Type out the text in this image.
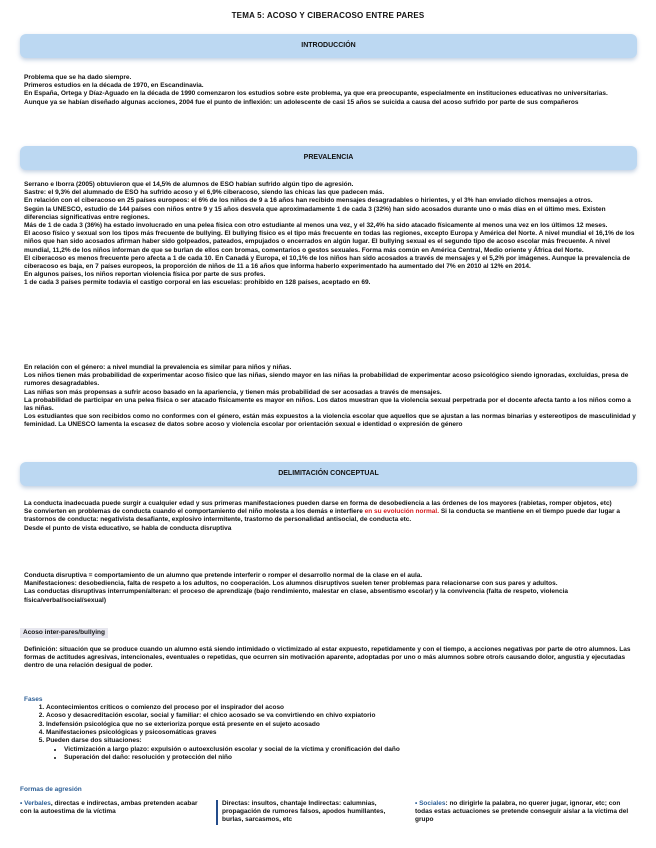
TEMA 5: ACOSO Y CIBERACOSO ENTRE PARES
INTRODUCCIÓN

Problema que se ha dado siempre.

Primeros estudios en la década de 1970, en Escandinavia.

En España, Ortega y Díaz-Aguado en la década de 1990 comenzaron los estudios sobre este problema, ya que era preocupante, especialmente en instituciones educativas no universitarias.

Aunque ya se habían diseñado algunas acciones, 2004 fue el punto de inflexión: un adolescente de casi 15 años se suicida a causa del acoso sufrido por parte de sus compañeros

PREVALENCIA

Serrano e Iborra (2005) obtuvieron que el 14,5% de alumnos de ESO habían sufrido algún tipo de agresión.

Sastre: el 9,3% del alumnado de ESO ha sufrido acoso y el 6,9% ciberacoso, siendo las chicas las que padecen más.

En relación con el ciberacoso en 25 países europeos: el 6% de los niños de 9 a 16 años han recibido mensajes desagradables o hirientes, y el 3% han enviado dichos mensajes a otros.

Según la UNESCO, estudio de 144 países con niños entre 9 y 15 años desvela que aproximadamente 1 de cada 3 (32%) han sido acosados durante uno o más días en el último mes. Existen diferencias significativas entre regiones.

Más de 1 de cada 3 (36%) ha estado involucrado en una pelea física con otro estudiante al menos una vez, y el 32,4% ha sido atacado físicamente al menos una vez en los últimos 12 meses.

El acoso físico y sexual son los tipos más frecuente de bullying. El bullying físico es el tipo más frecuente en todas las regiones, excepto Europa y América del Norte. A nivel mundial el 16,1% de los niños que han sido acosados afirman haber sido golpeados, pateados, empujados o encerrados en algún lugar. El bullying sexual es el segundo tipo de acoso escolar más frecuente. A nivel mundial, 11,2% de los niños informan de que se burlan de ellos con bromas, comentarios o gestos sexuales. Forma más común en América Central, Medio oriente y África del Norte.

El ciberacoso es menos frecuente pero afecta a 1 de cada 10. En Canadá y Europa, el 10,1% de los niños han sido acosados a través de mensajes y el 5,2% por imágenes. Aunque la prevalencia de ciberacoso es baja, en 7 países europeos, la proporción de niños de 11 a 16 años que informa haberlo experimentado ha aumentado del 7% en 2010 al 12% en 2014.

En algunos países, los niños reportan violencia física por parte de sus profes.

1 de cada 3 países permite todavía el castigo corporal en las escuelas: prohibido en 128 países, aceptado en 69.

En relación con el género: a nivel mundial la prevalencia es similar para niños y niñas.

Los niños tienen más probabilidad de experimentar acoso físico que las niñas, siendo mayor en las niñas la probabilidad de experimentar acoso psicológico siendo ignoradas, excluidas, presa de rumores desagradables.

Las niñas son más propensas a sufrir acoso basado en la apariencia, y tienen más probabilidad de ser acosadas a través de mensajes.

La probabilidad de participar en una pelea física o ser atacado físicamente es mayor en niños. Los datos muestran que la violencia sexual perpetrada por el docente afecta tanto a los niños como a las niñas.

Los estudiantes que son recibidos como no conformes con el género, están más expuestos a la violencia escolar que aquellos que se ajustan a las normas binarias y estereotipos de masculinidad y feminidad. La UNESCO lamenta la escasez de datos sobre acoso y violencia escolar por orientación sexual e identidad o expresión de género

DELIMITACIÓN CONCEPTUAL

La conducta inadecuada puede surgir a cualquier edad y sus primeras manifestaciones pueden darse en forma de desobediencia a las órdenes de los mayores (rabietas, romper objetos, etc)

Se convierten en problemas de conducta cuando el comportamiento del niño molesta a los demás e interfiere en su evolución normal. Si la conducta se mantiene en el tiempo puede dar lugar a trastornos de conducta: negativista desafiante, explosivo intermitente, trastorno de personalidad antisocial, de conducta etc.

Desde el punto de vista educativo, se habla de conducta disruptiva

Conducta disruptiva = comportamiento de un alumno que pretende interferir o romper el desarrollo normal de la clase en el aula.

Manifestaciones: desobediencia, falta de respeto a los adultos, no cooperación. Los alumnos disruptivos suelen tener problemas para relacionarse con sus pares y adultos.

Las conductas disruptivas interrumpen/alteran: el proceso de aprendizaje (bajo rendimiento, malestar en clase, absentismo escolar) y la convivencia (falta de respeto, violencia física/verbal/social/sexual)

Acoso inter-pares/bullying

Definición: situación que se produce cuando un alumno está siendo intimidado o victimizado al estar expuesto, repetidamente y con el tiempo, a acciones negativas por parte de otro alumnos. Las formas de actitudes agresivas, intencionales, eventuales o repetidas, que ocurren sin motivación aparente, adoptadas por uno o más alumnos sobre otro/s causando dolor, angustia y ejecutadas dentro de una relación desigual de poder.

Fases
1. Acontecimientos críticos o comienzo del proceso por el inspirador del acoso
2. Acoso y desacreditación escolar, social y familiar: el chico acosado se va convirtiendo en chivo expiatorio
3. Indefensión psicológica que no se exterioriza porque está presente en el sujeto acosado
4. Manifestaciones psicológicas y psicosomáticas graves
5. Pueden darse dos situaciones:
• Victimización a largo plazo: expulsión o autoexclusión escolar y social de la víctima y cronificación del daño
• Superación del daño: resolución y protección del niño
Formas de agresión
• Verbales, directas e indirectas, ambas pretenden acabar con la autoestima de la víctima
Directas: insultos, chantaje Indirectas: calumnias, propagación de rumores falsos, apodos humillantes, burlas, sarcasmos, etc
• Sociales: no dirigirle la palabra, no querer jugar, ignorar, etc; con todas estas actuaciones se pretende conseguir aislar a la víctima del grupo
